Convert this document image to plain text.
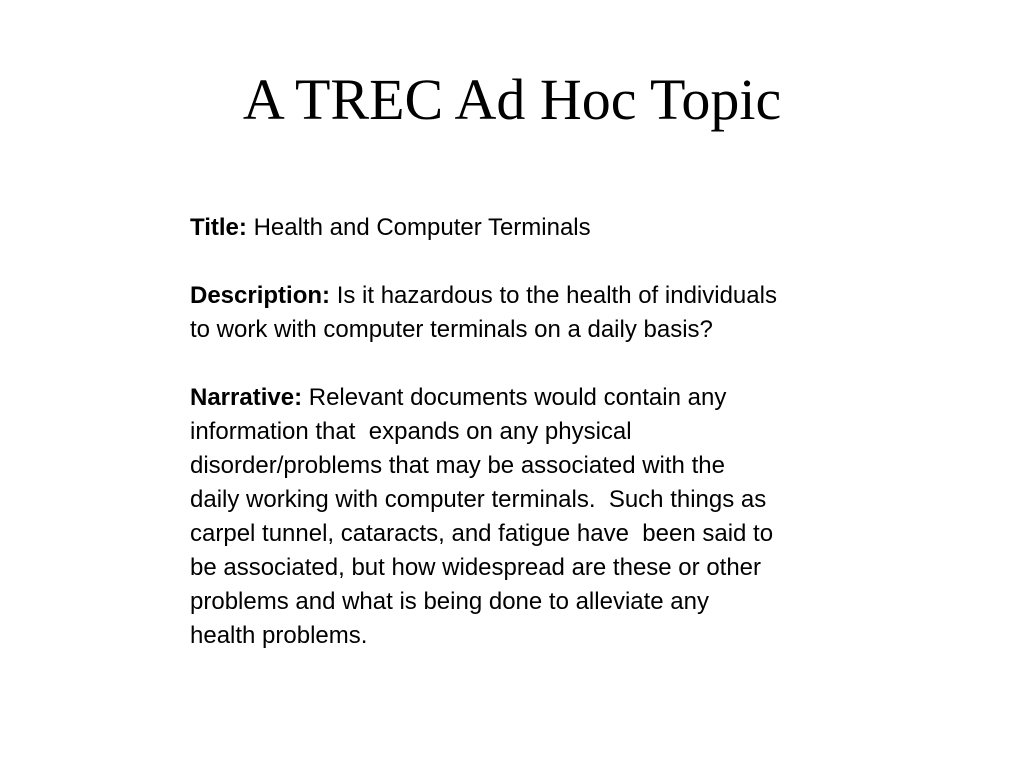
A TREC Ad Hoc Topic
Title: Health and Computer Terminals
Description: Is it hazardous to the health of individuals
to work with computer terminals on a daily basis?
Narrative: Relevant documents would contain any
information that  expands on any physical
disorder/problems that may be associated with the
daily working with computer terminals.  Such things as
carpel tunnel, cataracts, and fatigue have  been said to
be associated, but how widespread are these or other
problems and what is being done to alleviate any
health problems.
